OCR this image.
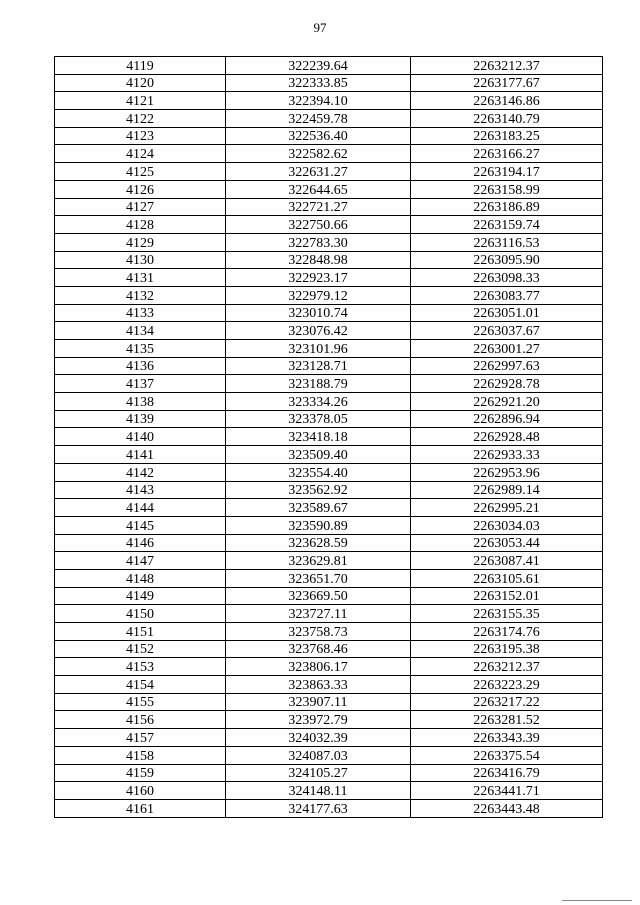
97
4119	322239.64	2263212.37
4120	322333.85	2263177.67
4121	322394.10	2263146.86
4122	322459.78	2263140.79
4123	322536.40	2263183.25
4124	322582.62	2263166.27
4125	322631.27	2263194.17
4126	322644.65	2263158.99
4127	322721.27	2263186.89
4128	322750.66	2263159.74
4129	322783.30	2263116.53
4130	322848.98	2263095.90
4131	322923.17	2263098.33
4132	322979.12	2263083.77
4133	323010.74	2263051.01
4134	323076.42	2263037.67
4135	323101.96	2263001.27
4136	323128.71	2262997.63
4137	323188.79	2262928.78
4138	323334.26	2262921.20
4139	323378.05	2262896.94
4140	323418.18	2262928.48
4141	323509.40	2262933.33
4142	323554.40	2262953.96
4143	323562.92	2262989.14
4144	323589.67	2262995.21
4145	323590.89	2263034.03
4146	323628.59	2263053.44
4147	323629.81	2263087.41
4148	323651.70	2263105.61
4149	323669.50	2263152.01
4150	323727.11	2263155.35
4151	323758.73	2263174.76
4152	323768.46	2263195.38
4153	323806.17	2263212.37
4154	323863.33	2263223.29
4155	323907.11	2263217.22
4156	323972.79	2263281.52
4157	324032.39	2263343.39
4158	324087.03	2263375.54
4159	324105.27	2263416.79
4160	324148.11	2263441.71
4161	324177.63	2263443.48
